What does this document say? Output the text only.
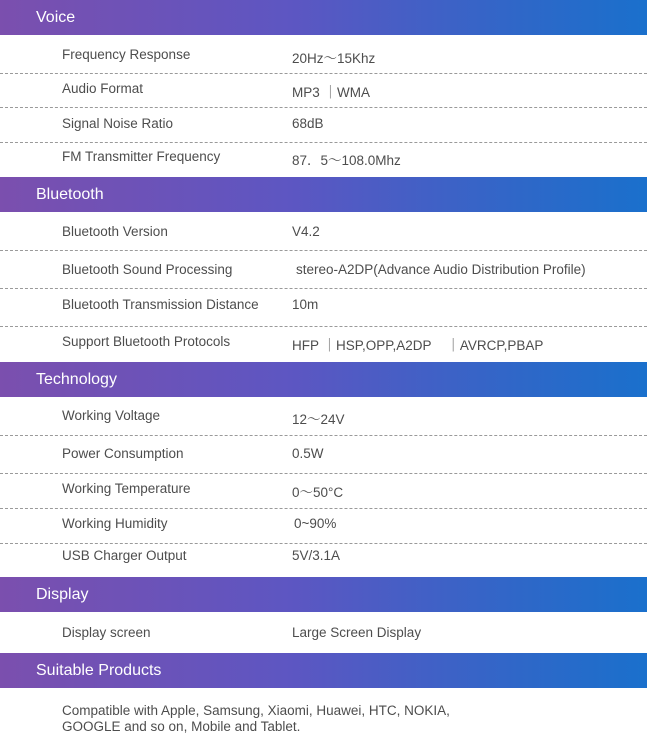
Voice
Frequency Response	20Hz～15Khz
Audio Format	MP3 ｜WMA
Signal Noise Ratio	68dB
FM Transmitter Frequency	87．5～108.0Mhz
Bluetooth
Bluetooth Version	V4.2
Bluetooth Sound Processing	stereo-A2DP(Advance Audio Distribution Profile)
Bluetooth Transmission Distance 10m
Support Bluetooth Protocols	HFP ｜HSP,OPP,A2DP    ｜AVRCP,PBAP
Technology
Working Voltage	12～24V
Power Consumption	0.5W
Working Temperature	0～50°C
Working Humidity	0~90%
USB Charger Output	5V/3.1A
Display
Display screen	Large Screen Display
Suitable Products
Compatible with Apple, Samsung, Xiaomi, Huawei, HTC, NOKIA, GOOGLE and so on, Mobile and Tablet.
